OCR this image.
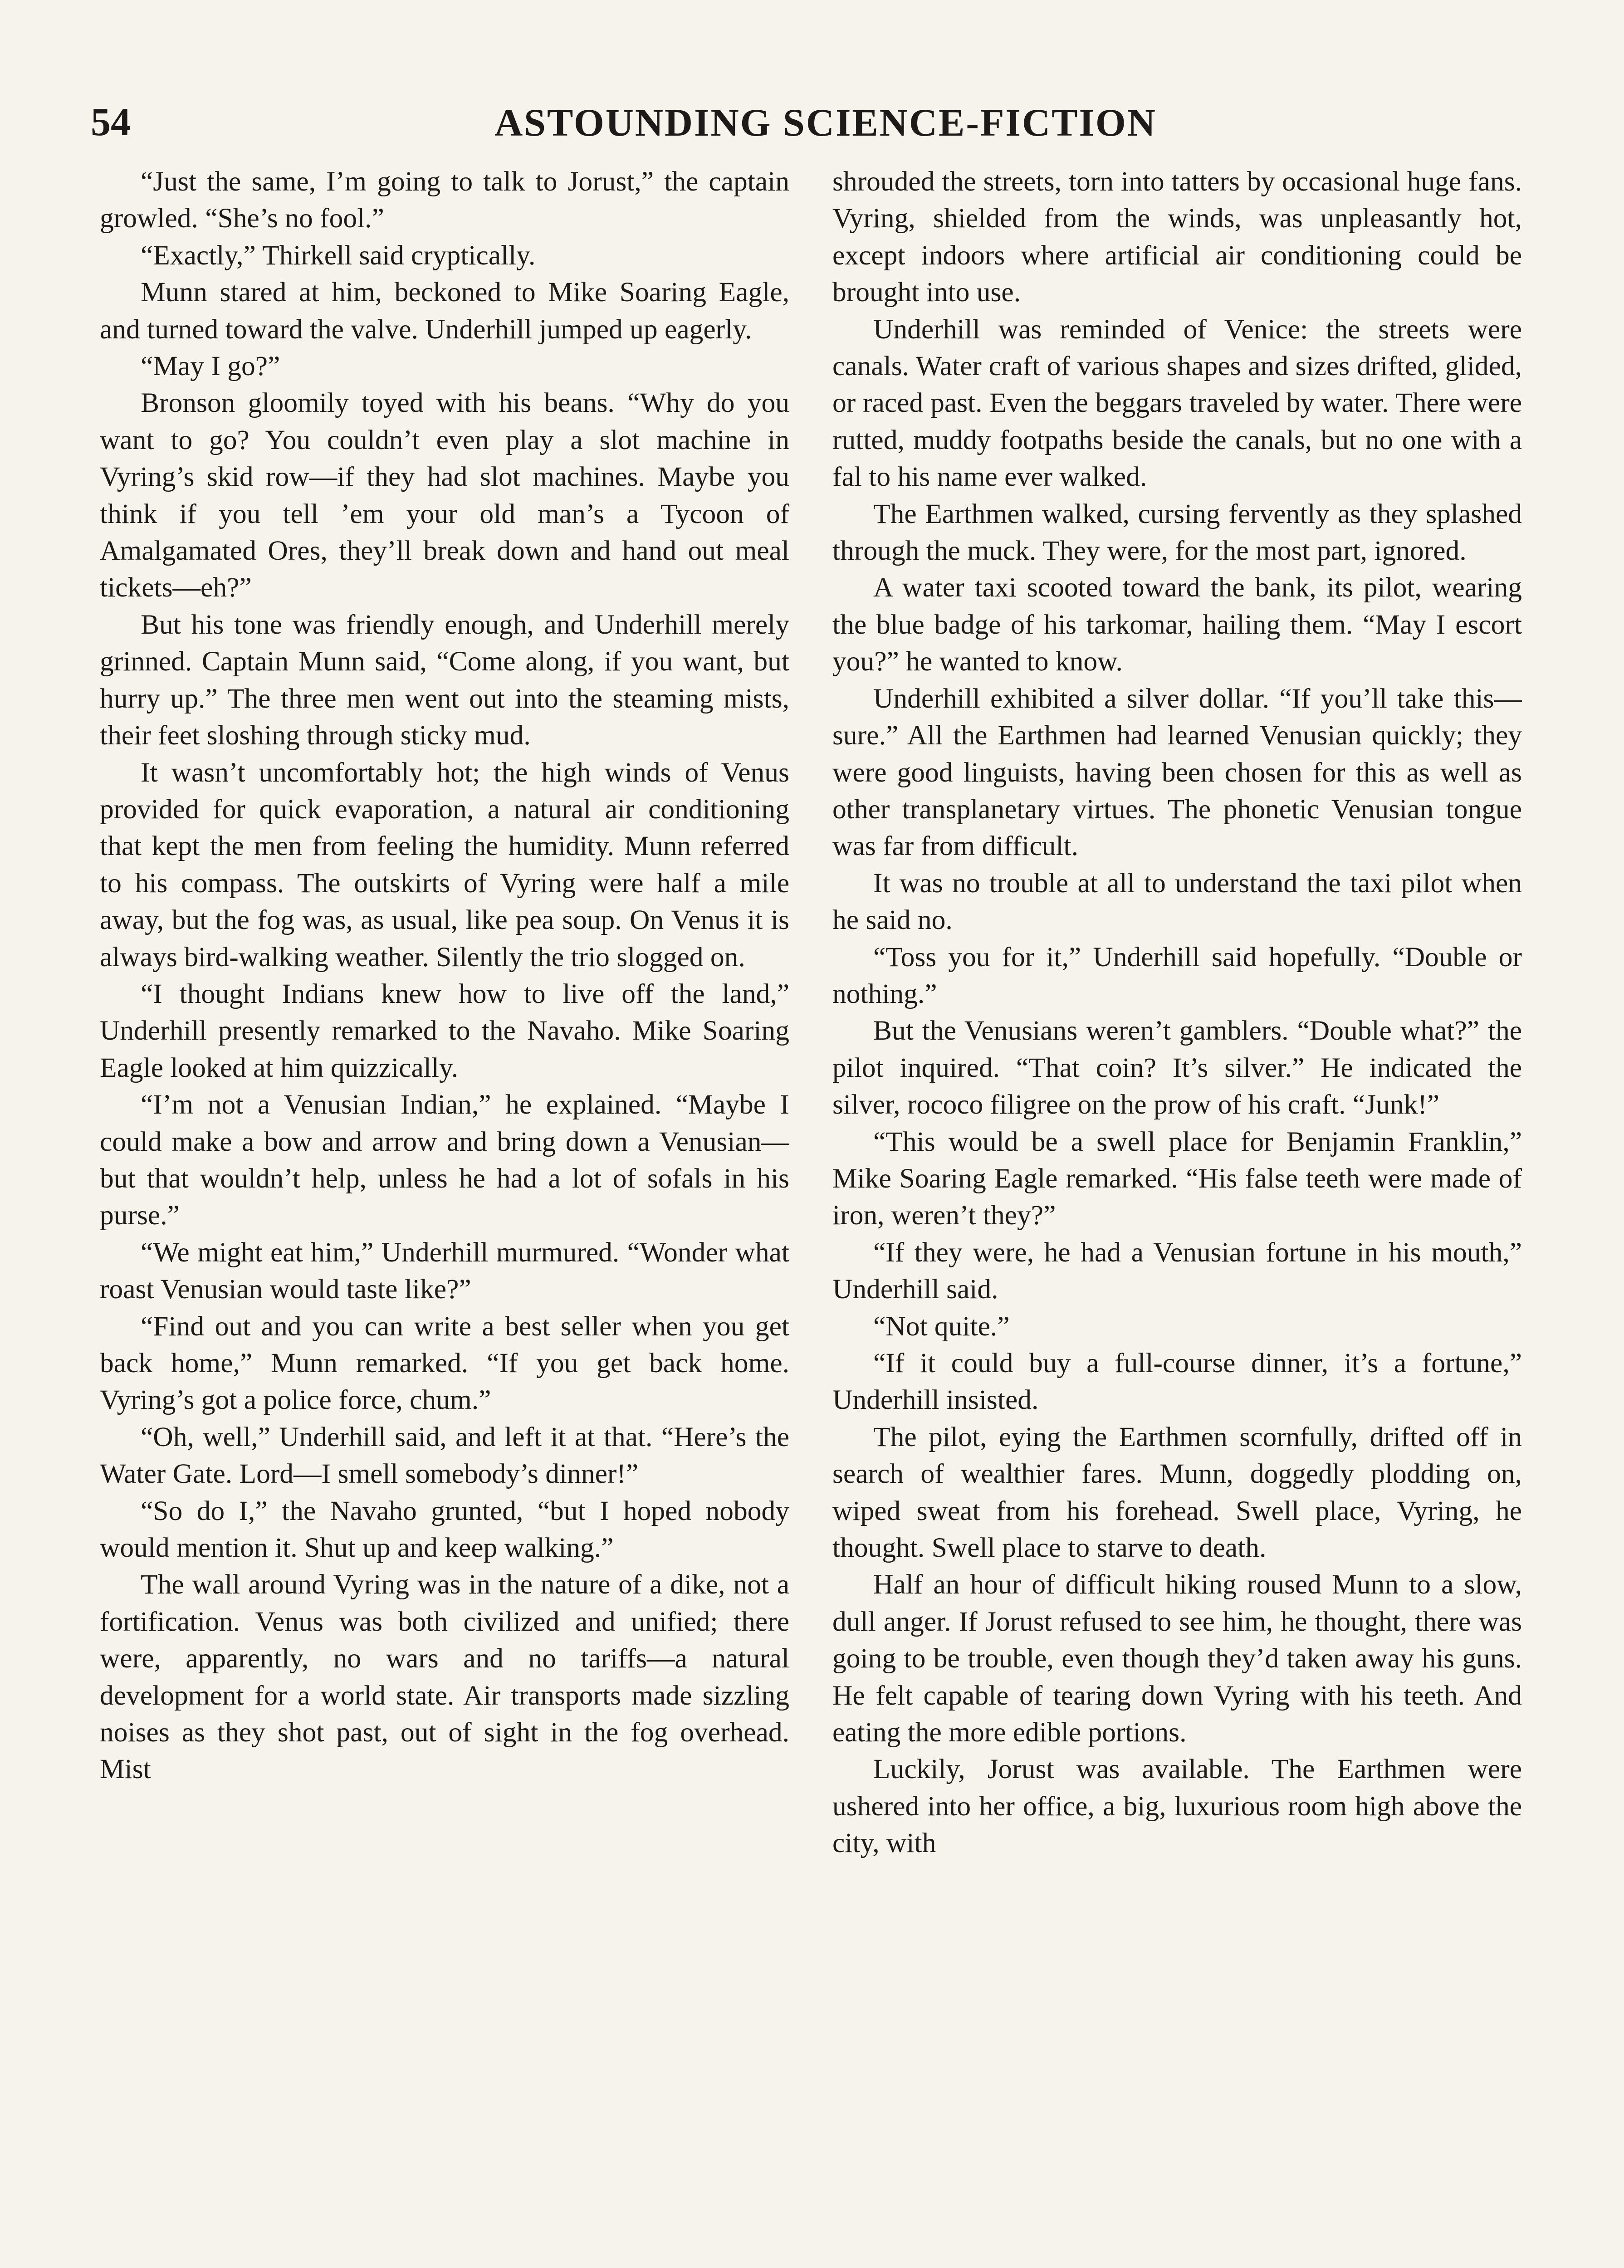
54	ASTOUNDING SCIENCE-FICTION

“Just the same, I’m going to talk to Jorust,” the captain growled. “She’s no fool.”

“Exactly,” Thirkell said cryptically.

Munn stared at him, beckoned to Mike Soaring Eagle, and turned toward the valve. Underhill jumped up eagerly.

“May I go?”

Bronson gloomily toyed with his beans. “Why do you want to go? You couldn’t even play a slot machine in Vyring’s skid row—if they had slot machines. Maybe you think if you tell ’em your old man’s a Tycoon of Amalgamated Ores, they’ll break down and hand out meal tickets—eh?”

But his tone was friendly enough, and Underhill merely grinned. Captain Munn said, “Come along, if you want, but hurry up.” The three men went out into the steaming mists, their feet sloshing through sticky mud.

It wasn’t uncomfortably hot; the high winds of Venus provided for quick evaporation, a natural air conditioning that kept the men from feeling the humidity. Munn referred to his compass. The outskirts of Vyring were half a mile away, but the fog was, as usual, like pea soup. On Venus it is always bird-walking weather. Silently the trio slogged on.

“I thought Indians knew how to live off the land,” Underhill presently remarked to the Navaho. Mike Soaring Eagle looked at him quizzically.

“I’m not a Venusian Indian,” he explained. “Maybe I could make a bow and arrow and bring down a Venusian—but that wouldn’t help, unless he had a lot of sofals in his purse.”

“We might eat him,” Underhill murmured. “Wonder what roast Venusian would taste like?”

“Find out and you can write a best seller when you get back home,” Munn remarked. “If you get back home. Vyring’s got a police force, chum.”

“Oh, well,” Underhill said, and left it at that. “Here’s the Water Gate. Lord—I smell somebody’s dinner!”

“So do I,” the Navaho grunted, “but I hoped nobody would mention it. Shut up and keep walking.”

The wall around Vyring was in the nature of a dike, not a fortification. Venus was both civilized and unified; there were, apparently, no wars and no tariffs—a natural development for a world state. Air transports made sizzling noises as they shot past, out of sight in the fog overhead. Mist

shrouded the streets, torn into tatters by occasional huge fans. Vyring, shielded from the winds, was unpleasantly hot, except indoors where artificial air conditioning could be brought into use.

Underhill was reminded of Venice: the streets were canals. Water craft of various shapes and sizes drifted, glided, or raced past. Even the beggars traveled by water. There were rutted, muddy footpaths beside the canals, but no one with a fal to his name ever walked.

The Earthmen walked, cursing fervently as they splashed through the muck. They were, for the most part, ignored.

A water taxi scooted toward the bank, its pilot, wearing the blue badge of his tarkomar, hailing them. “May I escort you?” he wanted to know.

Underhill exhibited a silver dollar. “If you’ll take this—sure.” All the Earthmen had learned Venusian quickly; they were good linguists, having been chosen for this as well as other transplanetary virtues. The phonetic Venusian tongue was far from difficult.

It was no trouble at all to understand the taxi pilot when he said no.

“Toss you for it,” Underhill said hopefully. “Double or nothing.”

But the Venusians weren’t gamblers. “Double what?” the pilot inquired. “That coin? It’s silver.” He indicated the silver, rococo filigree on the prow of his craft. “Junk!”

“This would be a swell place for Benjamin Franklin,” Mike Soaring Eagle remarked. “His false teeth were made of iron, weren’t they?”

“If they were, he had a Venusian fortune in his mouth,” Underhill said.

“Not quite.”

“If it could buy a full-course dinner, it’s a fortune,” Underhill insisted.

The pilot, eying the Earthmen scornfully, drifted off in search of wealthier fares. Munn, doggedly plodding on, wiped sweat from his forehead. Swell place, Vyring, he thought. Swell place to starve to death.

Half an hour of difficult hiking roused Munn to a slow, dull anger. If Jorust refused to see him, he thought, there was going to be trouble, even though they’d taken away his guns. He felt capable of tearing down Vyring with his teeth. And eating the more edible portions.

Luckily, Jorust was available. The Earthmen were ushered into her office, a big, luxurious room high above the city, with
